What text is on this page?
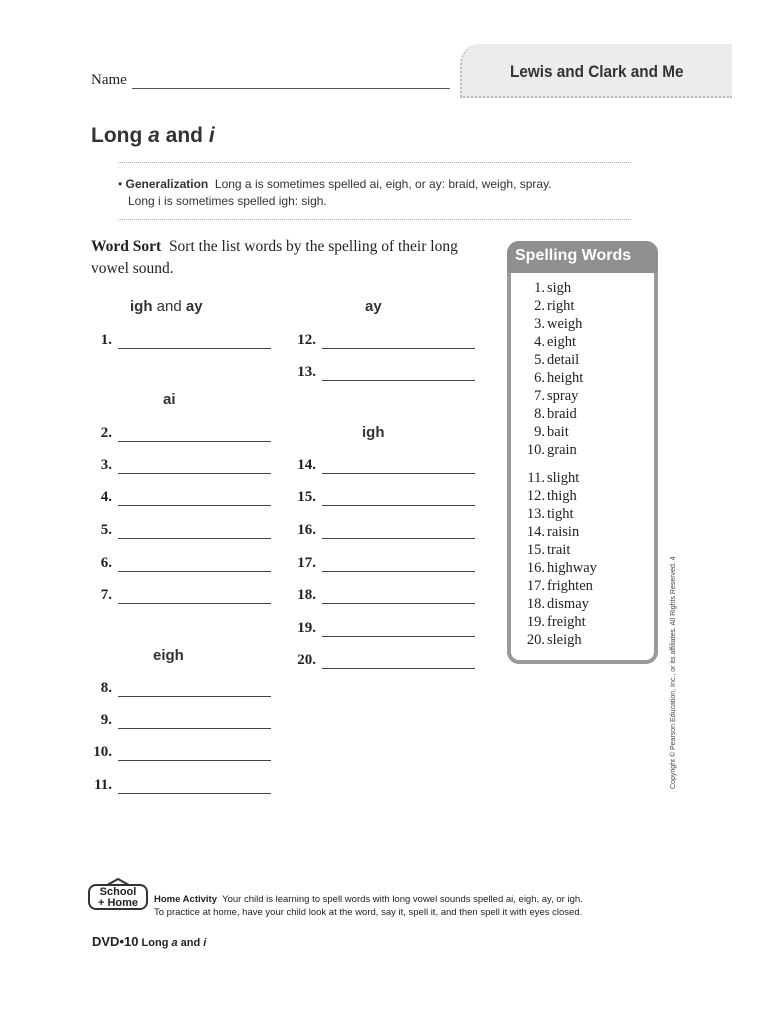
Name	Lewis and Clark and Me
Long a and i
• Generalization Long a is sometimes spelled ai, eigh, or ay: braid, weigh, spray.
Long i is sometimes spelled igh: sigh.
Word Sort Sort the list words by the spelling of their long vowel sound.
igh and ay	ay
ai
igh
eigh
1.
2.
3.
4.
5.
6.
7.
8.
9.
10.
11.
12.
13.
14.
15.
16.
17.
18.
19.
20.
Spelling Words
1. sigh
2. right
3. weigh
4. eight
5. detail
6. height
7. spray
8. braid
9. bait
10. grain
11. slight
12. thigh
13. tight
14. raisin
15. trait
16. highway
17. frighten
18. dismay
19. freight
20. sleigh	Copyright © Pearson Education, Inc., or its affiliates. All Rights Reserved. 4
School
+ Home	Home Activity Your child is learning to spell words with long vowel sounds spelled ai, eigh, ay, or igh.
To practice at home, have your child look at the word, say it, spell it, and then spell it with eyes closed.
DVD•10 Long a and i
